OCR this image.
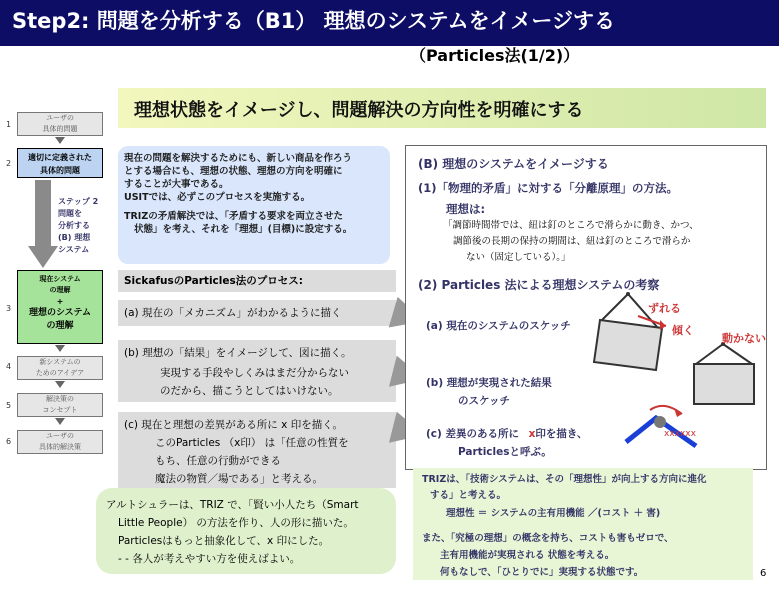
Step2: 問題を分析する（B1） 理想のシステムをイメージする
（Particles法(1/2)）
理想状態をイメージし、問題解決の方向性を明確にする
1
ユーザの
具体的問題
2
適切に定義された
具体的問題
ステップ 2
問題を
分析する
(B) 理想
システム
3
現在システム
の理解
+
理想のシステム
の理解
4	新システムの
ためのアイデア
5
解決策の
コンセプト
6
ユーザの
具体的解決策

現在の問題を解決するためにも、新しい商品を作ろう

とする場合にも、理想の状態、理想の方向を明確に

することが大事である。

USITでは、必ずこのプロセスを実施する。

TRIZの矛盾解決では、「矛盾する要求を両立させた

状態」を考え、それを「理想」(目標)に設定する。

SickafusのParticles法のプロセス:
(a) 現在の「メカニズム」がわかるように描く
(b) 理想の「結果」をイメージして、図に描く。
実現する手段やしくみはまだ分からない
のだから、描こうとしてはいけない。
(c) 現在と理想の差異がある所に x 印を描く。
このParticles （x印） は「任意の性質を
もち、任意の行動ができる
魔法の物質／場である」と考える。
アルトシュラーは、TRIZ で、「賢い小人たち（Smart
Little People） の方法を作り、人の形に描いた。
Particlesはもっと抽象化して、x 印にした。
- - 各人が考えやすい方を使えばよい。
(B) 理想のシステムをイメージする
(1)「物理的矛盾」に対する「分離原理」の方法。
理想は:
「調節時間帯では、紐は釘のところで滑らかに動き、かつ、
調節後の長期の保持の期間は、紐は釘のところで滑らか
ない（固定している）。」
(2) Particles 法による理想システムの考察
(a) 現在のシステムのスケッチ
(b) 理想が実現された結果
のスケッチ
(c) 差異のある所に x印を描き、
Particlesと呼ぶ。
ずれる
傾く
動かない
xxxxxx
TRIZは、「技術システムは、その「理想性」が向上する方向に進化
する」と考える。
理想性 ＝ システムの主有用機能 ／(コスト ＋ 害)
また、「究極の理想」の概念を持ち、コストも害もゼロで、
主有用機能が実現される 状態を考える。
何もなしで、「ひとりでに」実現する状態です。	6
